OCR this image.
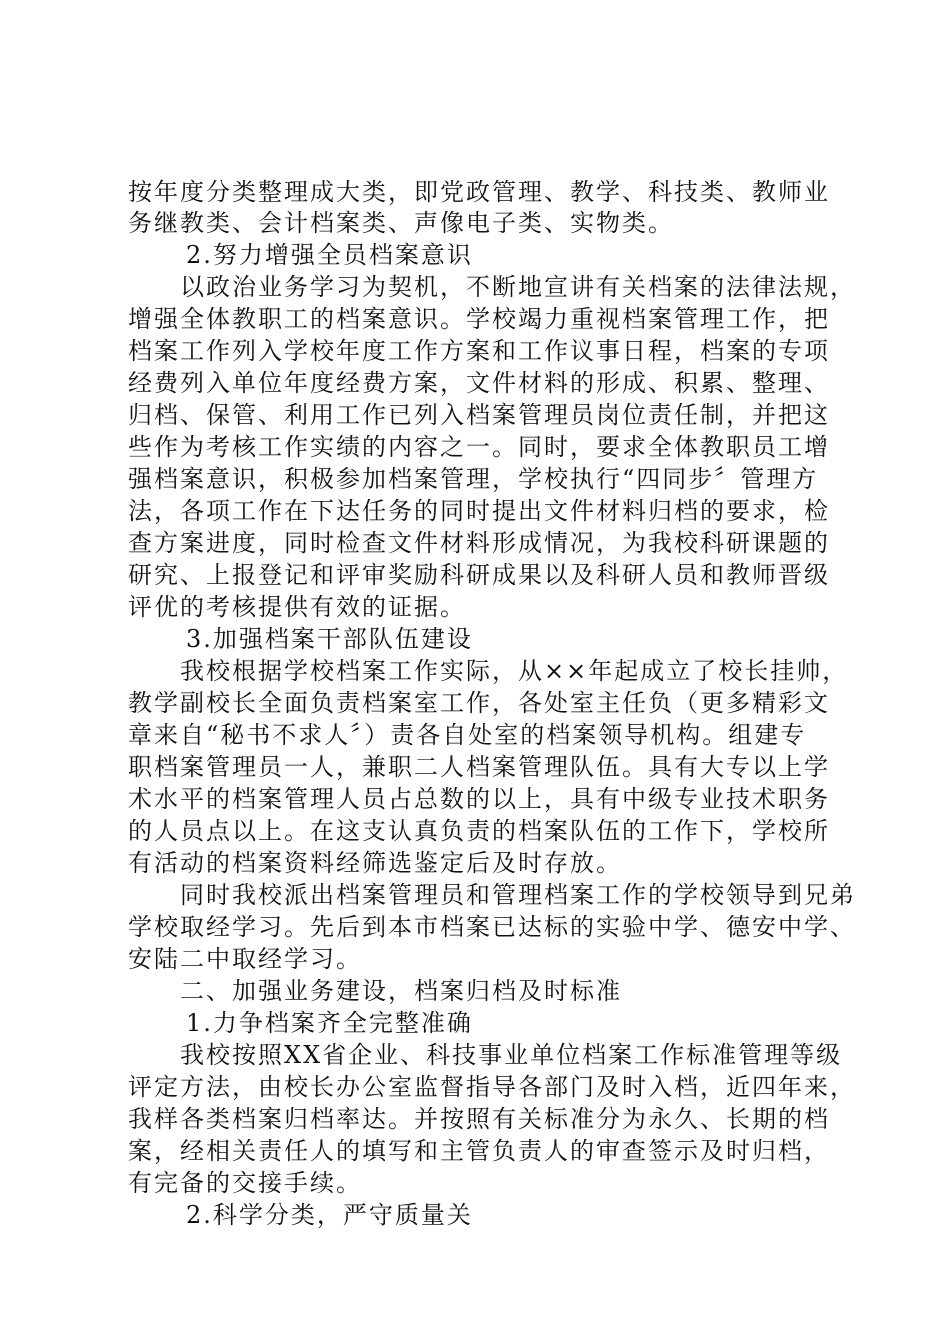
按年度分类整理成大类，即党政管理、教学、科技类、教师业
务继教类、会计档案类、声像电子类、实物类。
2.努力增强全员档案意识
以政治业务学习为契机，不断地宣讲有关档案的法律法规，
增强全体教职工的档案意识。学校竭力重视档案管理工作，把
档案工作列入学校年度工作方案和工作议事日程，档案的专项
经费列入单位年度经费方案，文件材料的形成、积累、整理、
归档、保管、利用工作已列入档案管理员岗位责任制，并把这
些作为考核工作实绩的内容之一。同时，要求全体教职员工增
强档案意识，积极参加档案管理，学校执行“四同步〞管理方
法，各项工作在下达任务的同时提出文件材料归档的要求，检
查方案进度，同时检查文件材料形成情况，为我校科研课题的
研究、上报登记和评审奖励科研成果以及科研人员和教师晋级
评优的考核提供有效的证据。
3.加强档案干部队伍建设
我校根据学校档案工作实际，从××年起成立了校长挂帅，
教学副校长全面负责档案室工作，各处室主任负（更多精彩文
章来自“秘书不求人〞）责各自处室的档案领导机构。组建专
职档案管理员一人，兼职二人档案管理队伍。具有大专以上学
术水平的档案管理人员占总数的以上，具有中级专业技术职务
的人员点以上。在这支认真负责的档案队伍的工作下，学校所
有活动的档案资料经筛选鉴定后及时存放。
同时我校派出档案管理员和管理档案工作的学校领导到兄弟
学校取经学习。先后到本市档案已达标的实验中学、德安中学、
安陆二中取经学习。
二、加强业务建设，档案归档及时标准
1.力争档案齐全完整准确
我校按照XX省企业、科技事业单位档案工作标准管理等级
评定方法，由校长办公室监督指导各部门及时入档，近四年来，
我样各类档案归档率达。并按照有关标准分为永久、长期的档
案，经相关责任人的填写和主管负责人的审查签示及时归档，
有完备的交接手续。
2.科学分类，严守质量关
